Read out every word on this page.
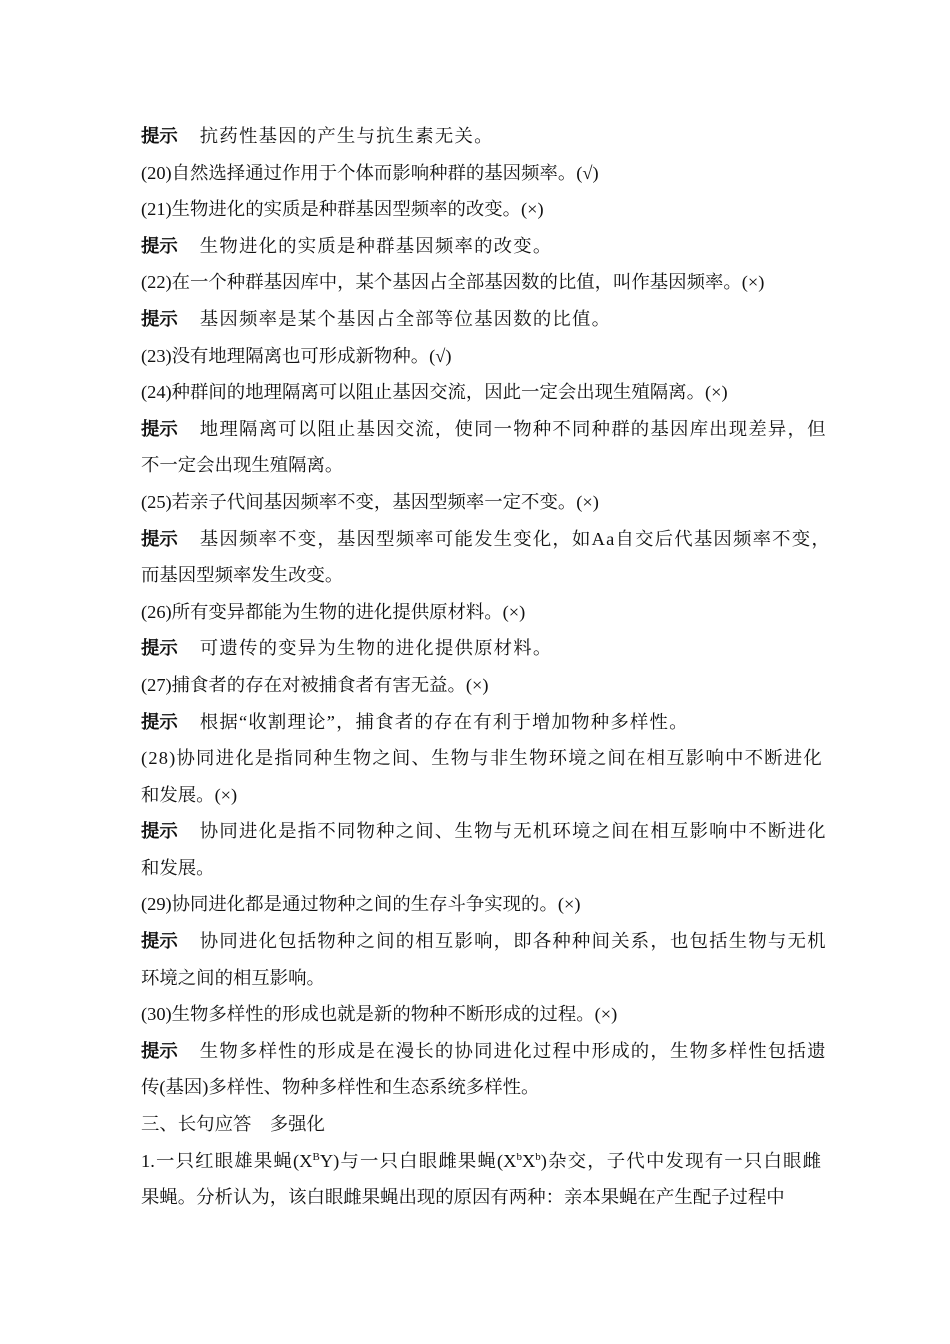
提示 抗药性基因的产生与抗生素无关。
(20)自然选择通过作用于个体而影响种群的基因频率。(√)
(21)生物进化的实质是种群基因型频率的改变。(×)
提示 生物进化的实质是种群基因频率的改变。
(22)在一个种群基因库中，某个基因占全部基因数的比值，叫作基因频率。(×)
提示 基因频率是某个基因占全部等位基因数的比值。
(23)没有地理隔离也可形成新物种。(√)
(24)种群间的地理隔离可以阻止基因交流，因此一定会出现生殖隔离。(×)
提示 地理隔离可以阻止基因交流，使同一物种不同种群的基因库出现差异，但
不一定会出现生殖隔离。
(25)若亲子代间基因频率不变，基因型频率一定不变。(×)
提示 基因频率不变，基因型频率可能发生变化，如Aa自交后代基因频率不变，
而基因型频率发生改变。
(26)所有变异都能为生物的进化提供原材料。(×)
提示 可遗传的变异为生物的进化提供原材料。
(27)捕食者的存在对被捕食者有害无益。(×)
提示 根据“收割理论”，捕食者的存在有利于增加物种多样性。
(28)协同进化是指同种生物之间、生物与非生物环境之间在相互影响中不断进化
和发展。(×)
提示 协同进化是指不同物种之间、生物与无机环境之间在相互影响中不断进化
和发展。
(29)协同进化都是通过物种之间的生存斗争实现的。(×)
提示 协同进化包括物种之间的相互影响，即各种种间关系，也包括生物与无机
环境之间的相互影响。
(30)生物多样性的形成也就是新的物种不断形成的过程。(×)
提示 生物多样性的形成是在漫长的协同进化过程中形成的，生物多样性包括遗
传(基因)多样性、物种多样性和生态系统多样性。
三、长句应答　多强化
1.一只红眼雄果蝇$(X^BY)$与一只白眼雌果蝇$(X^bX^b)$杂交，子代中发现有一只白眼雌
果蝇。分析认为，该白眼雌果蝇出现的原因有两种：亲本果蝇在产生配子过程中
